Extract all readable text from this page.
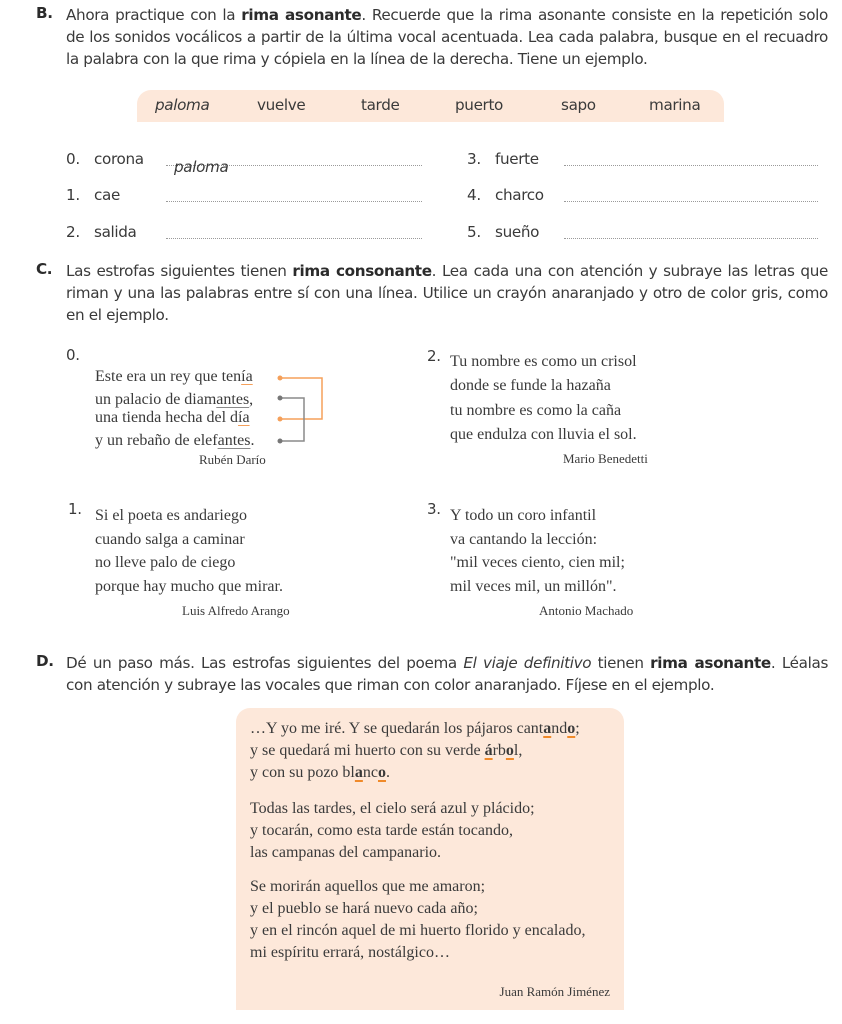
B. Ahora practique con la rima asonante. Recuerde que la rima asonante consiste en la repetición solo de los sonidos vocálicos a partir de la última vocal acentuada. Lea cada palabra, busque en el recuadro la palabra con la que rima y cópiela en la línea de la derecha. Tiene un ejemplo.
paloma	vuelve	tarde	puerto	sapo	marina
0. corona paloma
1. cae
2. salida
3. fuerte
4. charco
5. sueño
C. Las estrofas siguientes tienen rima consonante. Lea cada una con atención y subraye las letras que riman y una las palabras entre sí con una línea. Utilice un crayón anaranjado y otro de color gris, como en el ejemplo.
0.
Este era un rey que tenía
un palacio de diamantes,
una tienda hecha del día
y un rebaño de elefantes.
Rubén Darío
2. Tu nombre es como un crisol
donde se funde la hazaña
tu nombre es como la caña
que endulza con lluvia el sol.
Mario Benedetti
1. Si el poeta es andariego
cuando salga a caminar
no lleve palo de ciego
porque hay mucho que mirar.
Luis Alfredo Arango
3. Y todo un coro infantil
va cantando la lección:
"mil veces ciento, cien mil;
mil veces mil, un millón".
Antonio Machado
D. Dé un paso más. Las estrofas siguientes del poema El viaje definitivo tienen rima asonante. Léalas con atención y subraye las vocales que riman con color anaranjado. Fíjese en el ejemplo.
…Y yo me iré. Y se quedarán los pájaros cantando;
y se quedará mi huerto con su verde árbol,
y con su pozo blanco.
Todas las tardes, el cielo será azul y plácido;
y tocarán, como esta tarde están tocando,
las campanas del campanario.
Se morirán aquellos que me amaron;
y el pueblo se hará nuevo cada año;
y en el rincón aquel de mi huerto florido y encalado,
mi espíritu errará, nostálgico…
Juan Ramón Jiménez
